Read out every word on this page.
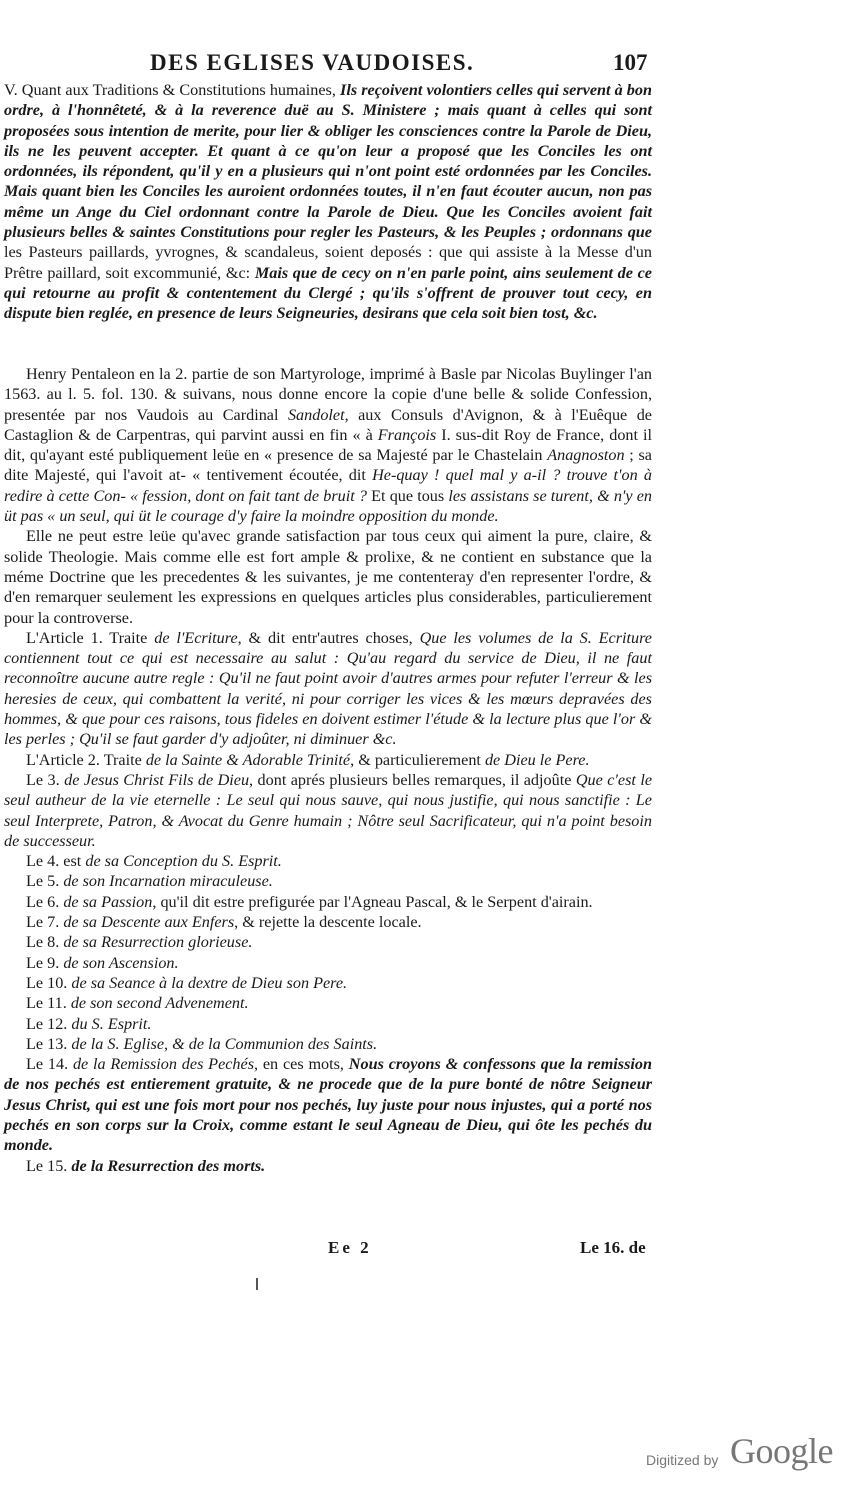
DES EGLISES VAUDOISES.	107

V. Quant aux Traditions & Constitutions humaines, Ils reçoivent volontiers celles qui servent à bon ordre, à l'honnêteté, & à la reverence duë au S. Ministere ; mais quant à celles qui sont proposées sous intention de merite, pour lier & obliger les consciences contre la Parole de Dieu, ils ne les peuvent accepter. Et quant à ce qu'on leur a proposé que les Conciles les ont ordonnées, ils répondent, qu'il y en a plusieurs qui n'ont point esté ordonnées par les Conciles. Mais quant bien les Conciles les auroient ordonnées toutes, il n'en faut écouter aucun, non pas même un Ange du Ciel ordonnant contre la Parole de Dieu. Que les Conciles avoient fait plusieurs belles & saintes Constitutions pour regler les Pasteurs, & les Peuples ; ordonnans que les Pasteurs paillards, yvrognes, & scandaleus, soient deposés : que qui assiste à la Messe d'un Prêtre paillard, soit excommunié, &c: Mais que de cecy on n'en parle point, ains seulement de ce qui retourne au profit & contentement du Clergé ; qu'ils s'offrent de prouver tout cecy, en dispute bien reglée, en presence de leurs Seigneuries, desirans que cela soit bien tost, &c.

Henry Pentaleon en la 2. partie de son Martyrologe, imprimé à Basle par Nicolas Buylinger l'an 1563. au l. 5. fol. 130. & suivans, nous donne encore la copie d'une belle & solide Confession, presentée par nos Vaudois au Cardinal Sandolet, aux Consuls d'Avignon, & à l'Euêque de Castaglion & de Carpentras, qui parvint aussi en fin « à François I. sus-dit Roy de France, dont il dit, qu'ayant esté publiquement leüe en « presence de sa Majesté par le Chastelain Anagnoston ; sa dite Majesté, qui l'avoit at- « tentivement écoutée, dit He-quay ! quel mal y a-il ? trouve t'on à redire à cette Con- « fession, dont on fait tant de bruit ? Et que tous les assistans se turent, & n'y en üt pas « un seul, qui üt le courage d'y faire la moindre opposition du monde.

Elle ne peut estre leüe qu'avec grande satisfaction par tous ceux qui aiment la pure, claire, & solide Theologie. Mais comme elle est fort ample & prolixe, & ne contient en substance que la méme Doctrine que les precedentes & les suivantes, je me contenteray d'en representer l'ordre, & d'en remarquer seulement les expressions en quelques articles plus considerables, particulierement pour la controverse.

L'Article 1. Traite de l'Ecriture, & dit entr'autres choses, Que les volumes de la S. Ecriture contiennent tout ce qui est necessaire au salut : Qu'au regard du service de Dieu, il ne faut reconnoître aucune autre regle : Qu'il ne faut point avoir d'autres armes pour refuter l'erreur & les heresies de ceux, qui combattent la verité, ni pour corriger les vices & les mœurs depravées des hommes, & que pour ces raisons, tous fideles en doivent estimer l'étude & la lecture plus que l'or & les perles ; Qu'il se faut garder d'y adjoûter, ni diminuer &c.

L'Article 2. Traite de la Sainte & Adorable Trinité, & particulierement de Dieu le Pere.

Le 3. de Jesus Christ Fils de Dieu, dont aprés plusieurs belles remarques, il adjoûte Que c'est le seul autheur de la vie eternelle : Le seul qui nous sauve, qui nous justifie, qui nous sanctifie : Le seul Interprete, Patron, & Avocat du Genre humain ; Nôtre seul Sacrificateur, qui n'a point besoin de successeur.

Le 4. est de sa Conception du S. Esprit.

Le 5. de son Incarnation miraculeuse.

Le 6. de sa Passion, qu'il dit estre prefigurée par l'Agneau Pascal, & le Serpent d'airain.

Le 7. de sa Descente aux Enfers, & rejette la descente locale.

Le 8. de sa Resurrection glorieuse.

Le 9. de son Ascension.

Le 10. de sa Seance à la dextre de Dieu son Pere.

Le 11. de son second Advenement.

Le 12. du S. Esprit.

Le 13. de la S. Eglise, & de la Communion des Saints.

Le 14. de la Remission des Pechés, en ces mots, Nous croyons & confessons que la remission de nos pechés est entierement gratuite, & ne procede que de la pure bonté de nôtre Seigneur Jesus Christ, qui est une fois mort pour nos pechés, luy juste pour nous injustes, qui a porté nos pechés en son corps sur la Croix, comme estant le seul Agneau de Dieu, qui ôte les pechés du monde.

Le 15. de la Resurrection des morts.

Ee 2	Le 16. de
Digitized by Google
